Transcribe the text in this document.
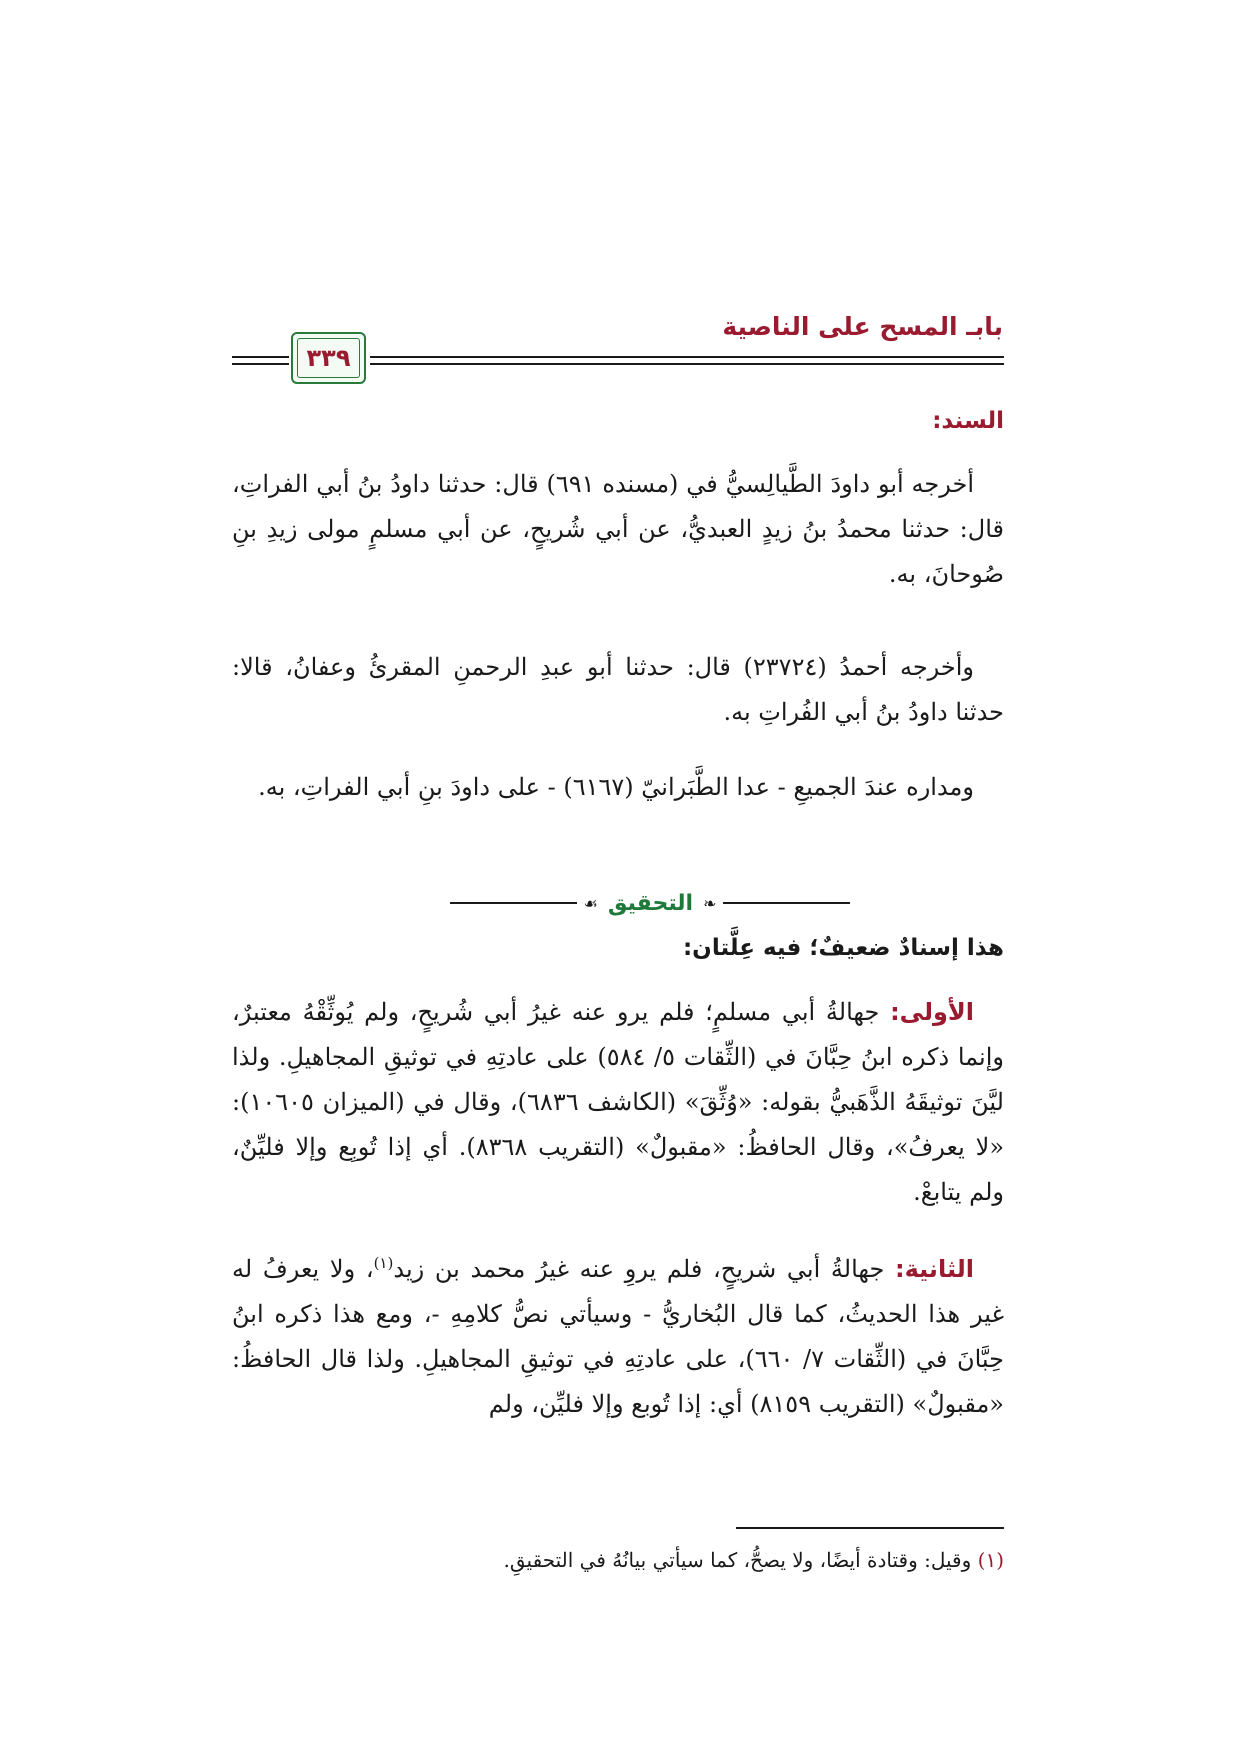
بابـ المسح على الناصية
٣٣٩
السند:

أخرجه أبو داودَ الطَّيالِسيُّ في (مسنده ٦٩١) قال: حدثنا داودُ بنُ أبي الفراتِ، قال: حدثنا محمدُ بنُ زيدٍ العبديُّ، عن أبي شُريحٍ، عن أبي مسلمٍ مولى زيدِ بنِ صُوحانَ، به.

وأخرجه أحمدُ (٢٣٧٢٤) قال: حدثنا أبو عبدِ الرحمنِ المقرئُ وعفانُ، قالا: حدثنا داودُ بنُ أبي الفُراتِ به.

ومداره عندَ الجميعِ - عدا الطَّبَرانيّ (٦١٦٧) - على داودَ بنِ أبي الفراتِ، به.

❧
التحقيق
☙
هذا إسنادٌ ضعيفٌ؛ فيه عِلَّتان:

الأولى: جهالةُ أبي مسلمٍ؛ فلم يرو عنه غيرُ أبي شُريحٍ، ولم يُوثِّقْهُ معتبرٌ، وإنما ذكره ابنُ حِبَّانَ في (الثِّقات ٥/ ٥٨٤) على عادتِهِ في توثيقِ المجاهيلِ. ولذا ليَّنَ توثيقَهُ الذَّهَبيُّ بقوله: «وُثِّقَ» (الكاشف ٦٨٣٦)، وقال في (الميزان ١٠٦٠٥): «لا يعرفُ»، وقال الحافظُ: «مقبولٌ» (التقريب ٨٣٦٨). أي إذا تُوبِع وإلا فليِّنٌ، ولم يتابعْ.

الثانية: جهالةُ أبي شريحٍ، فلم يروِ عنه غيرُ محمد بن زيد$^{(١)}$، ولا يعرفُ له غير هذا الحديثُ، كما قال البُخاريُّ - وسيأتي نصُّ كلامِهِ -، ومع هذا ذكره ابنُ حِبَّانَ في (الثِّقات ٧/ ٦٦٠)، على عادتِهِ في توثيقِ المجاهيلِ. ولذا قال الحافظُ: «مقبولٌ» (التقريب ٨١٥٩) أي: إذا تُوبع وإلا فليِّن، ولم

(١) وقيل: وقتادة أيضًا، ولا يصحُّ، كما سيأتي بيانُهُ في التحقيقِ.
